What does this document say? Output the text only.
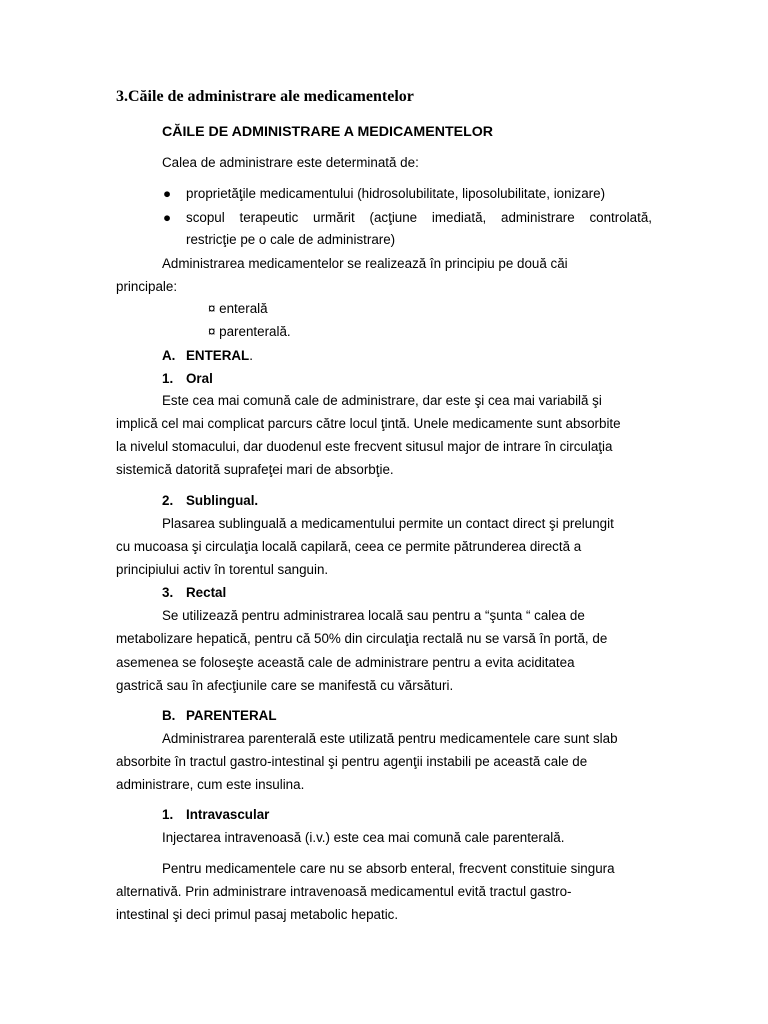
3.Căile de administrare ale medicamentelor
CĂILE DE ADMINISTRARE A MEDICAMENTELOR
Calea de administrare este determinată de:
● proprietăţile medicamentului (hidrosolubilitate, liposolubilitate, ionizare)
● scopul terapeutic urmărit (acţiune imediată, administrare controlată,
restricţie pe o cale de administrare)
Administrarea medicamentelor se realizează în principiu pe două căi
principale:
¤ enterală
¤ parenterală.
A. ENTERAL.
1. Oral
Este cea mai comună cale de administrare, dar este şi cea mai variabilă şi
implică cel mai complicat parcurs către locul ţintă. Unele medicamente sunt absorbite
la nivelul stomacului, dar duodenul este frecvent situsul major de intrare în circulaţia
sistemică datorită suprafeţei mari de absorbţie.
2. Sublingual.
Plasarea sublinguală a medicamentului permite un contact direct şi prelungit
cu mucoasa şi circulaţia locală capilară, ceea ce permite pătrunderea directă a
principiului activ în torentul sanguin.
3. Rectal
Se utilizează pentru administrarea locală sau pentru a “şunta “ calea de
metabolizare hepatică, pentru că 50% din circulaţia rectală nu se varsă în portă, de
asemenea se foloseşte această cale de administrare pentru a evita aciditatea
gastrică sau în afecţiunile care se manifestă cu vărsături.
B. PARENTERAL
Administrarea parenterală este utilizată pentru medicamentele care sunt slab
absorbite în tractul gastro-intestinal şi pentru agenţii instabili pe această cale de
administrare, cum este insulina.
1. Intravascular
Injectarea intravenoasă (i.v.) este cea mai comună cale parenterală.
Pentru medicamentele care nu se absorb enteral, frecvent constituie singura
alternativă. Prin administrare intravenoasă medicamentul evită tractul gastro-
intestinal şi deci primul pasaj metabolic hepatic.
